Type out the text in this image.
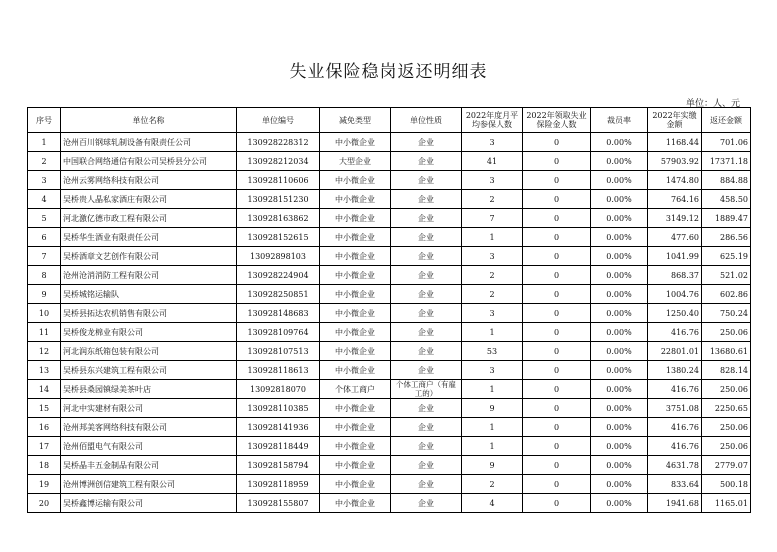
失业保险稳岗返还明细表
单位：人、元
序号	单位名称	单位编号	减免类型	单位性质	2022年度月平均参保人数	2022年领取失业保险金人数	裁员率	2022年实缴金额	返还金额
1	沧州百川钢球轧制设备有限责任公司	130928228312	中小微企业	企业	3	0	0.00%	1168.44	701.06
2	中国联合网络通信有限公司吴桥县分公司	130928212034	大型企业	企业	41	0	0.00%	57903.92	17371.18
3	沧州云雾网络科技有限公司	130928110606	中小微企业	企业	3	0	0.00%	1474.80	884.88
4	吴桥贵人晶私家酒庄有限公司	130928151230	中小微企业	企业	2	0	0.00%	764.16	458.50
5	河北激亿德市政工程有限公司	130928163862	中小微企业	企业	7	0	0.00%	3149.12	1889.47
6	吴桥华生酒业有限责任公司	130928152615	中小微企业	企业	1	0	0.00%	477.60	286.56
7	吴桥酒章文艺创作有限公司	13092898103	中小微企业	企业	3	0	0.00%	1041.99	625.19
8	沧州沧消消防工程有限公司	130928224904	中小微企业	企业	2	0	0.00%	868.37	521.02
9	吴桥城铭运输队	130928250851	中小微企业	企业	2	0	0.00%	1004.76	602.86
10	吴桥县拓达农机销售有限公司	130928148683	中小微企业	企业	3	0	0.00%	1250.40	750.24
11	吴桥俊龙棉业有限公司	130928109764	中小微企业	企业	1	0	0.00%	416.76	250.06
12	河北润东纸箱包装有限公司	130928107513	中小微企业	企业	53	0	0.00%	22801.01	13680.61
13	吴桥县东兴建筑工程有限公司	130928118613	中小微企业	企业	3	0	0.00%	1380.24	828.14
14	吴桥县桑园镇绿美茶叶店	13092818070	个体工商户	个体工商户（有雇工的）	1	0	0.00%	416.76	250.06
15	河北中实建材有限公司	130928110385	中小微企业	企业	9	0	0.00%	3751.08	2250.65
16	沧州邦美客网络科技有限公司	130928141936	中小微企业	企业	1	0	0.00%	416.76	250.06
17	沧州佰盟电气有限公司	130928118449	中小微企业	企业	1	0	0.00%	416.76	250.06
18	吴桥晶丰五金制品有限公司	130928158794	中小微企业	企业	9	0	0.00%	4631.78	2779.07
19	沧州博洲创信建筑工程有限公司	130928118959	中小微企业	企业	2	0	0.00%	833.64	500.18
20	吴桥鑫博运输有限公司	130928155807	中小微企业	企业	4	0	0.00%	1941.68	1165.01
